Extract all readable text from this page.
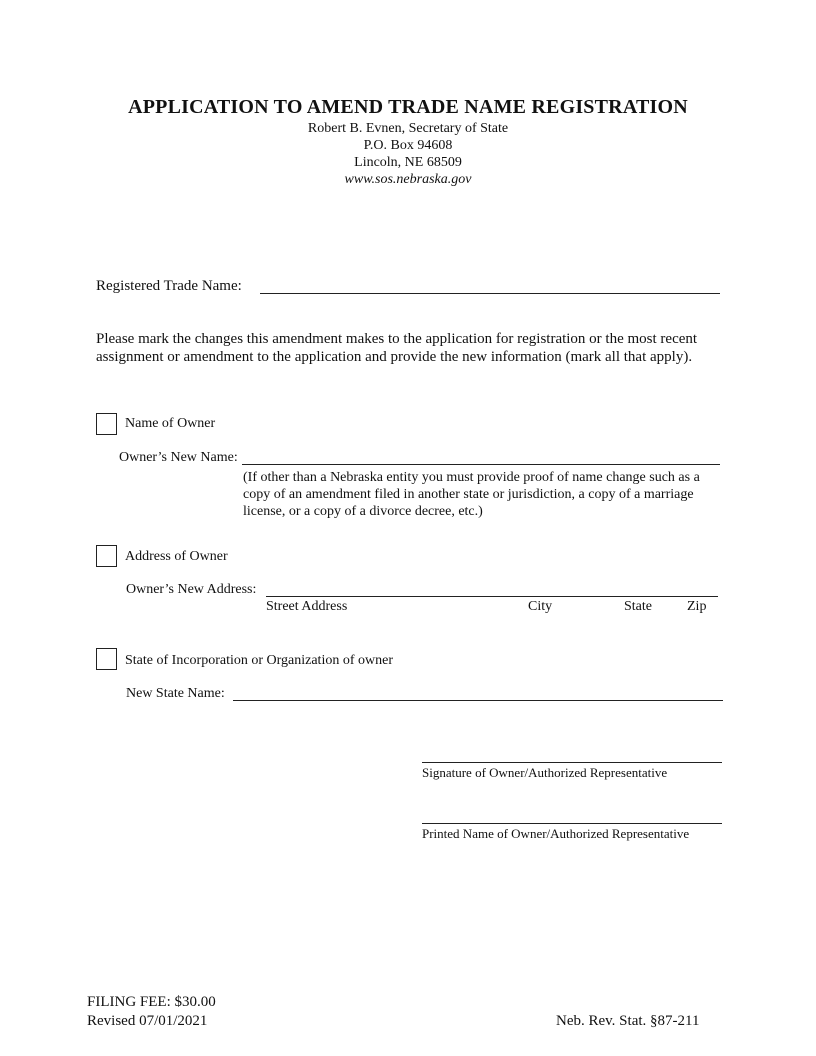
APPLICATION TO AMEND TRADE NAME REGISTRATION
Robert B. Evnen, Secretary of State
P.O. Box 94608
Lincoln, NE 68509
www.sos.nebraska.gov
Registered Trade Name:
Please mark the changes this amendment makes to the application for registration or the most recent assignment or amendment to the application and provide the new information (mark all that apply).
Name of Owner
Owner’s New Name:
(If other than a Nebraska entity you must provide proof of name change such as a copy of an amendment filed in another state or jurisdiction, a copy of a marriage license, or a copy of a divorce decree, etc.)
Address of Owner
Owner’s New Address:
Street Address	City	State	Zip
State of Incorporation or Organization of owner
New State Name:
Signature of Owner/Authorized Representative
Printed Name of Owner/Authorized Representative
FILING FEE: $30.00
Revised 07/01/2021	Neb. Rev. Stat. §87-211
